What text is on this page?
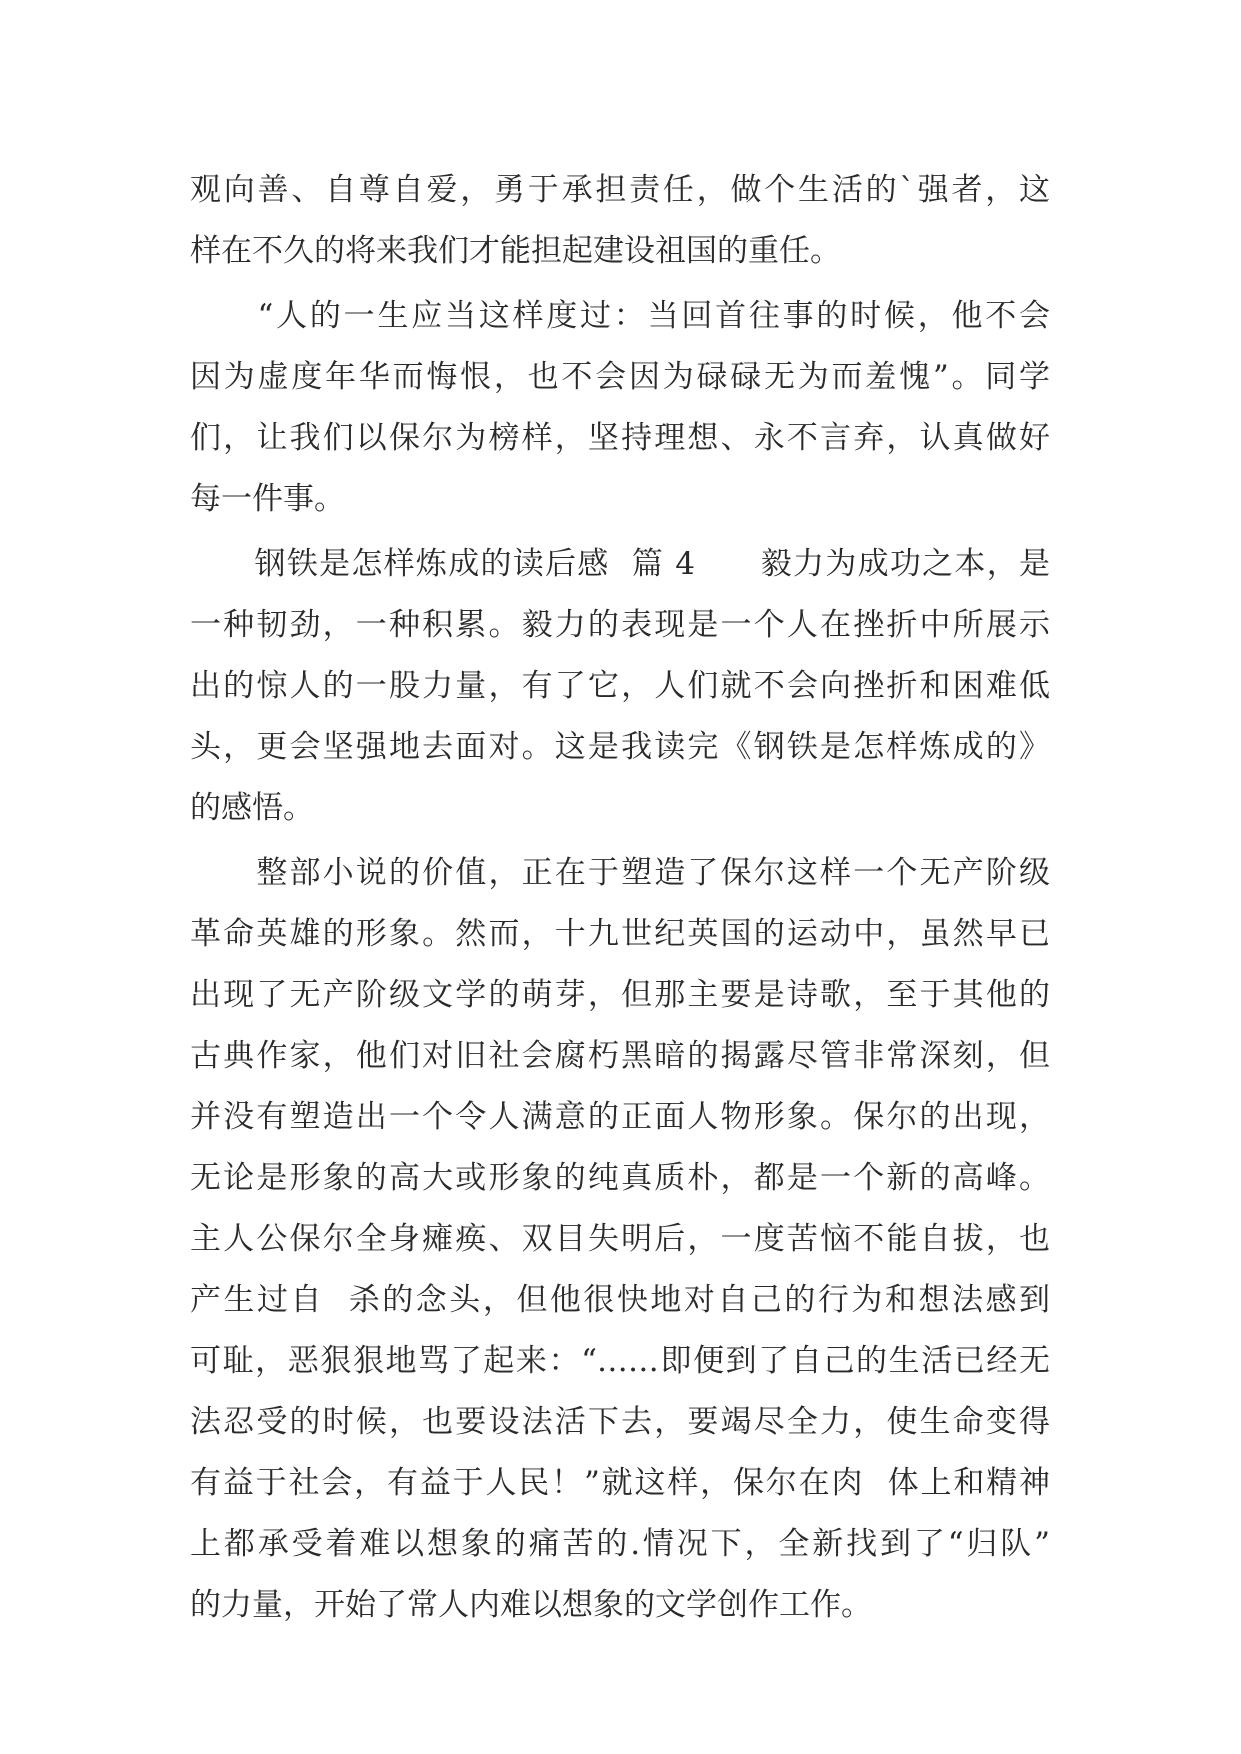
观向善、自尊自爱，勇于承担责任，做个生活的`强者，这
样在不久的将来我们才能担起建设祖国的重任。
　　“人的一生应当这样度过：当回首往事的时候，他不会
因为虚度年华而悔恨，也不会因为碌碌无为而羞愧”。同学
们，让我们以保尔为榜样，坚持理想、永不言弃，认真做好
每一件事。
　　钢铁是怎样炼成的读后感  篇 4　　毅力为成功之本，是
一种韧劲，一种积累。毅力的表现是一个人在挫折中所展示
出的惊人的一股力量，有了它，人们就不会向挫折和困难低
头，更会坚强地去面对。这是我读完《钢铁是怎样炼成的》
的感悟。
　　整部小说的价值，正在于塑造了保尔这样一个无产阶级
革命英雄的形象。然而，十九世纪英国的运动中，虽然早已
出现了无产阶级文学的萌芽，但那主要是诗歌，至于其他的
古典作家，他们对旧社会腐朽黑暗的揭露尽管非常深刻，但
并没有塑造出一个令人满意的正面人物形象。保尔的出现，
无论是形象的高大或形象的纯真质朴，都是一个新的高峰。
主人公保尔全身瘫痪、双目失明后，一度苦恼不能自拔，也
产生过自  杀的念头，但他很快地对自己的行为和想法感到
可耻，恶狠狠地骂了起来：“……即便到了自己的生活已经无
法忍受的时候，也要设法活下去，要竭尽全力，使生命变得
有益于社会，有益于人民！”就这样，保尔在肉  体上和精神
上都承受着难以想象的痛苦的.情况下，全新找到了“归队”
的力量，开始了常人内难以想象的文学创作工作。
